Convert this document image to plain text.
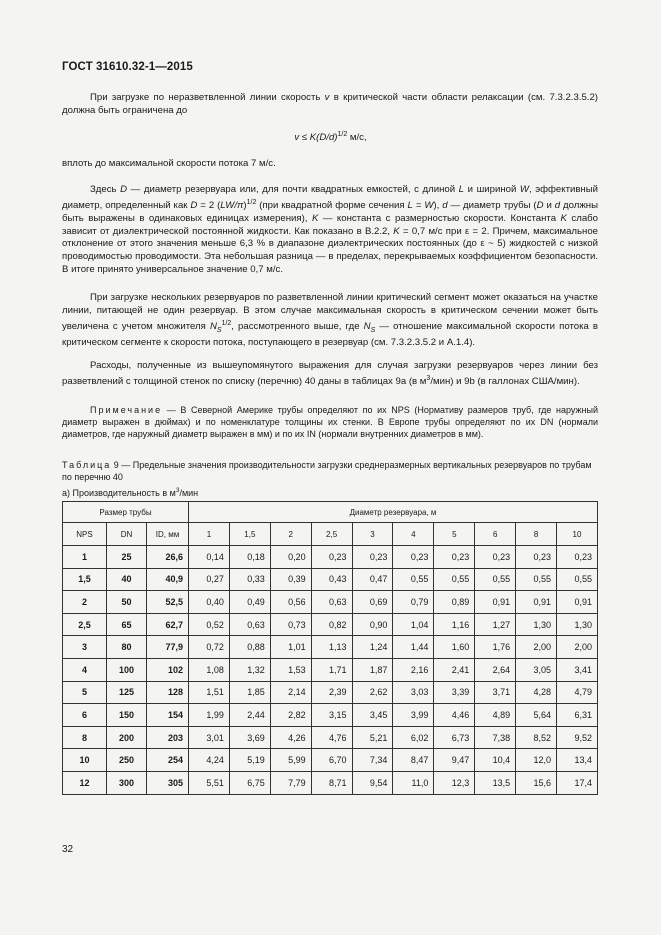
ГОСТ 31610.32-1—2015

При загрузке по неразветвленной линии скорость v в критической части области релаксации (см. 7.3.2.3.5.2) должна быть ограничена до

$v \le K(D/d)^{1/2}$ м/с,

вплоть до максимальной скорости потока 7 м/с.

Здесь D — диаметр резервуара или, для почти квадратных емкостей, с длиной L и шириной W, эффективный диаметр, определенный как D = 2 $(LW/\pi)^{1/2}$ (при квадратной форме сечения L = W), d — диаметр трубы (D и d должны быть выражены в одинаковых единицах измерения), K — константа с размерностью скорости. Константа K слабо зависит от диэлектрической постоянной жидкости. Как показано в В.2.2, K = 0,7 м/с при ε = 2. Причем, максимальное отклонение от этого значения меньше 6,3 % в диапазоне диэлектрических постоянных (до ε ~ 5) жидкостей с низкой проводимостью проводимости. Эта небольшая разница — в пределах, перекрываемых коэффициентом безопасности. В итоге принято универсальное значение 0,7 м/с.

При загрузке нескольких резервуаров по разветвленной линии критический сегмент может оказаться на участке линии, питающей не один резервуар. В этом случае максимальная скорость в критическом сечении может быть увеличена с учетом множителя $N_S^{1/2}$, рассмотренного выше, где $N_S$ — отношение максимальной скорости потока в критическом сегменте к скорости потока, поступающего в резервуар (см. 7.3.2.3.5.2 и А.1.4).

Расходы, полученные из вышеупомянутого выражения для случая загрузки резервуаров через линии без разветвлений с толщиной стенок по списку (перечню) 40 даны в таблицах 9а (в $м^3/мин$) и 9b (в галлонах США/мин).

Примечание — В Северной Америке трубы определяют по их NPS (Нормативу размеров труб, где наружный диаметр выражен в дюймах) и по номенклатуре толщины их стенки. В Европе трубы определяют по их DN (нормали диаметров, где наружный диаметр выражен в мм) и по их IN (нормали внутренних диаметров в мм).

Таблица 9 — Предельные значения производительности загрузки среднеразмерных вертикальных резервуаров по трубам по перечню 40
а) Производительность в $м^3$/мин
Размер трубы			Диаметр резервуара, м									
NPS	DN	ID, мм	1	1,5	2	2,5	3	4	5	6	8	10
1	25	26,6	0,14	0,18	0,20	0,23	0,23	0,23	0,23	0,23	0,23	0,23
1,5	40	40,9	0,27	0,33	0,39	0,43	0,47	0,55	0,55	0,55	0,55	0,55
2	50	52,5	0,40	0,49	0,56	0,63	0,69	0,79	0,89	0,91	0,91	0,91
2,5	65	62,7	0,52	0,63	0,73	0,82	0,90	1,04	1,16	1,27	1,30	1,30
3	80	77,9	0,72	0,88	1,01	1,13	1,24	1,44	1,60	1,76	2,00	2,00
4	100	102	1,08	1,32	1,53	1,71	1,87	2,16	2,41	2,64	3,05	3,41
5	125	128	1,51	1,85	2,14	2,39	2,62	3,03	3,39	3,71	4,28	4,79
6	150	154	1,99	2,44	2,82	3,15	3,45	3,99	4,46	4,89	5,64	6,31
8	200	203	3,01	3,69	4,26	4,76	5,21	6,02	6,73	7,38	8,52	9,52
10	250	254	4,24	5,19	5,99	6,70	7,34	8,47	9,47	10,4	12,0	13,4
12	300	305	5,51	6,75	7,79	8,71	9,54	11,0	12,3	13,5	15,6	17,4
32
